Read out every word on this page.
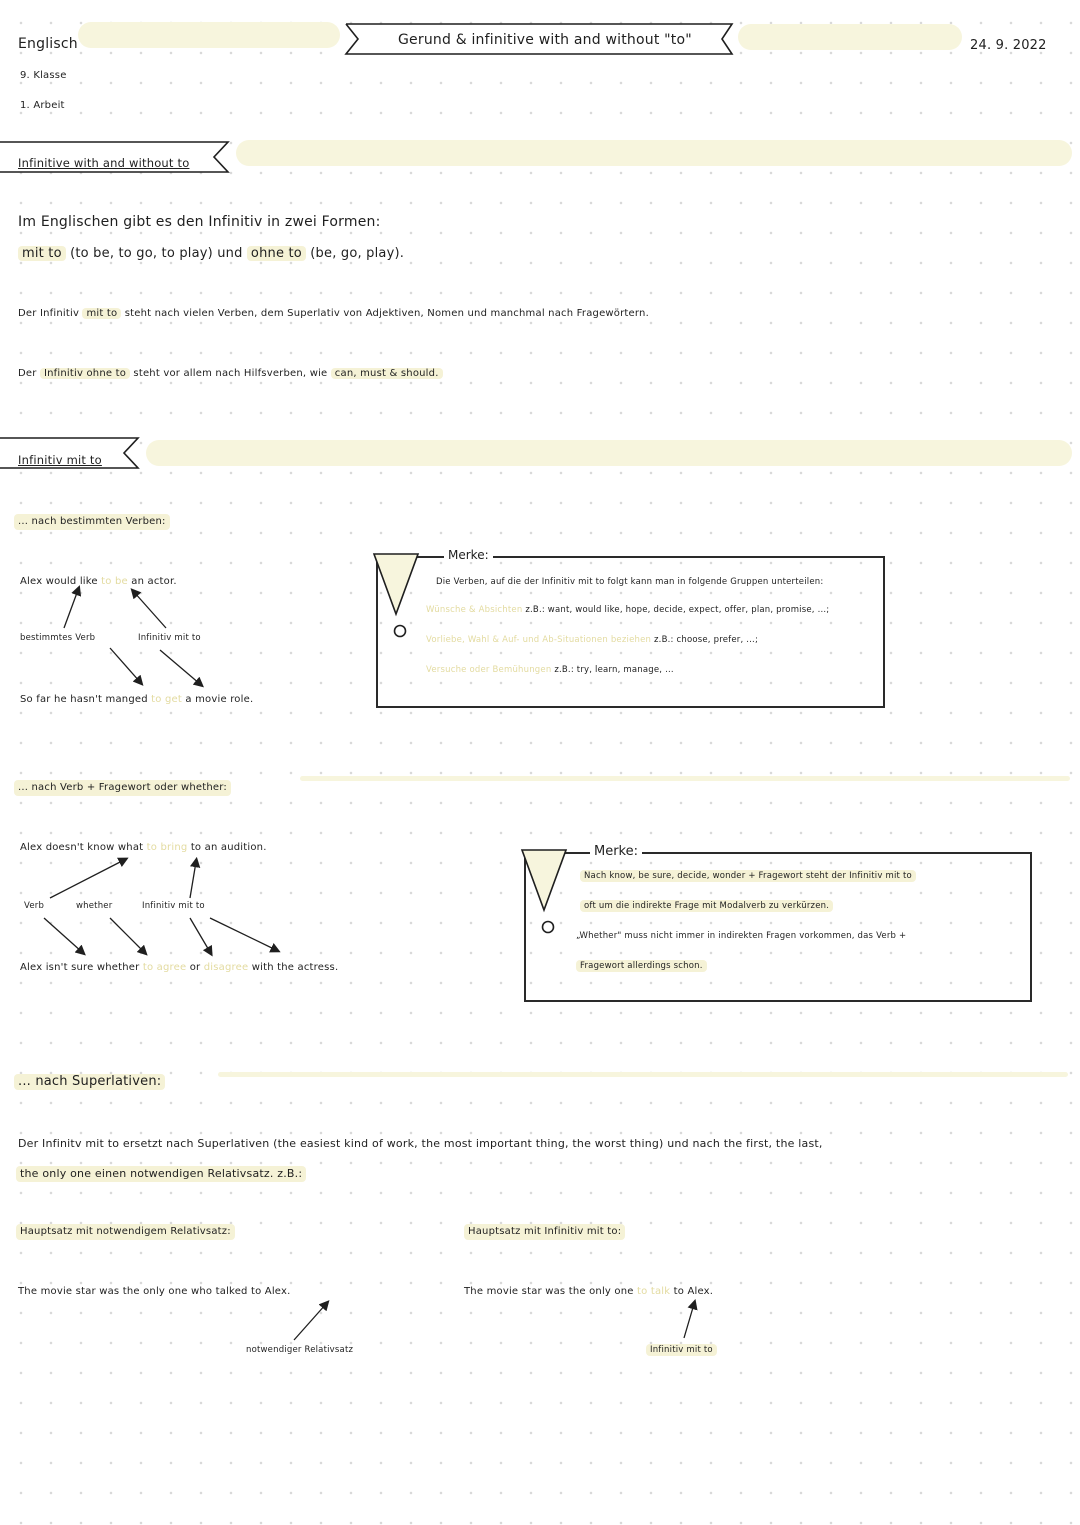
Englisch
9. Klasse
1. Arbeit
Gerund & infinitive with and without "to"	24. 9. 2022
Infinitive with and without to
Im Englischen gibt es den Infinitiv in zwei Formen:
mit to (to be, to go, to play) und ohne to (be, go, play).
Der Infinitiv mit to steht nach vielen Verben, dem Superlativ von Adjektiven, Nomen und manchmal nach Fragewörtern.
Der Infinitiv ohne to steht vor allem nach Hilfsverben, wie can, must & should.
Infinitiv mit to
... nach bestimmten Verben:
Alex would like to be an actor.
bestimmtes Verb	Infinitiv mit to
So far he hasn't manged to get a movie role.
Merke:
Die Verben, auf die der Infinitiv mit to folgt kann man in folgende Gruppen unterteilen:
Wünsche & Absichten z.B.: want, would like, hope, decide, expect, offer, plan, promise, ...;
Vorliebe, Wahl & Auf- und Ab-Situationen beziehen z.B.: choose, prefer, ...;
Versuche oder Bemühungen z.B.: try, learn, manage, ...
... nach Verb + Fragewort oder whether:
Alex doesn't know what to bring to an audition.
Verb	whether	Infinitiv mit to
Alex isn't sure whether to agree or disagree with the actress.
Merke:
Nach know, be sure, decide, wonder + Fragewort steht der Infinitiv mit to
oft um die indirekte Frage mit Modalverb zu verkürzen.
„Whether" muss nicht immer in indirekten Fragen vorkommen, das Verb +
Fragewort allerdings schon.
... nach Superlativen:
Der Infinitv mit to ersetzt nach Superlativen (the easiest kind of work, the most important thing, the worst thing) und nach the first, the last,
the only one einen notwendigen Relativsatz. z.B.:
Hauptsatz mit notwendigem Relativsatz:
The movie star was the only one who talked to Alex.
notwendiger Relativsatz
Hauptsatz mit Infinitiv mit to:
The movie star was the only one to talk to Alex.
Infinitiv mit to
